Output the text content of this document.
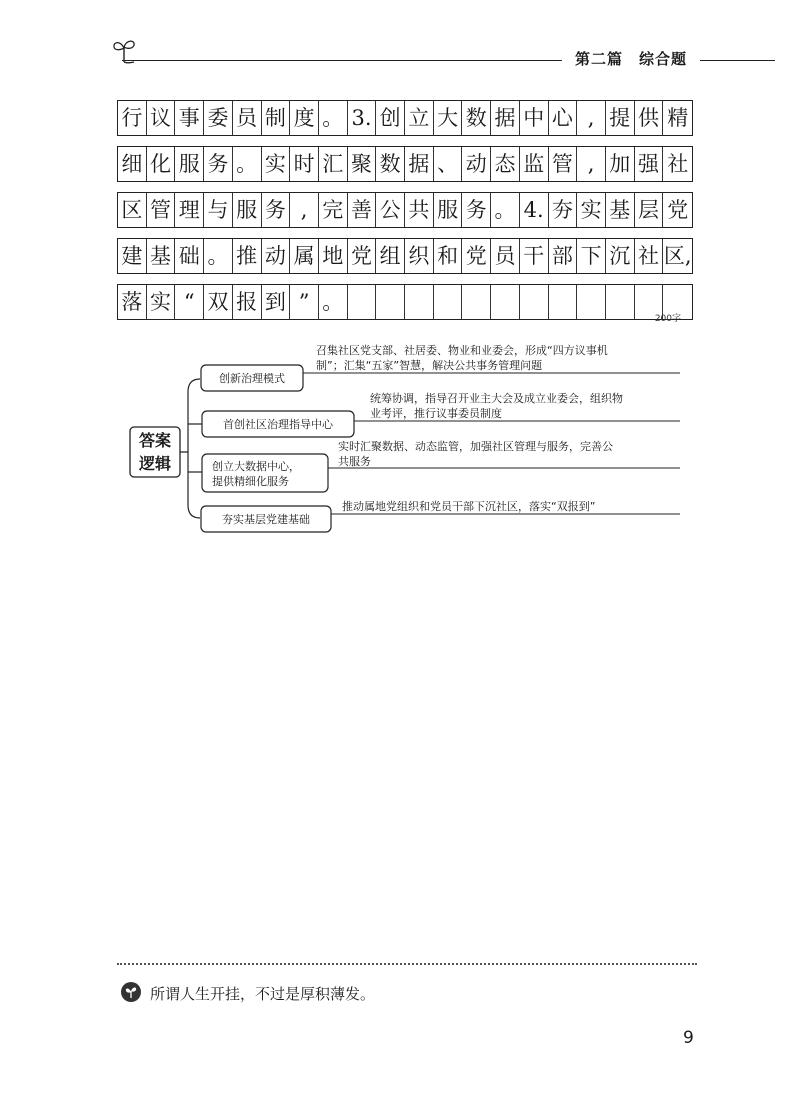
第二篇　综合题
行 议 事 委 员 制 度 。 3. 创 立 大 数 据 中 心 , 提 供 精
细 化 服 务 。 实 时 汇 聚 数 据 、 动 态 监 管 , 加 强 社
区 管 理 与 服 务 , 完 善 公 共 服 务 。 4. 夯 实 基 层 党
建 基 础 。 推 动 属 地 党 组 织 和 党 员 干 部 下 沉 社 区,
落 实 “ 双 报 到 ” 。
200字
答案
逻辑
创新治理模式
召集社区党支部、社居委、物业和业委会，形成“四方议事机
制”；汇集“五家”智慧，解决公共事务管理问题
首创社区治理指导中心
统筹协调，指导召开业主大会及成立业委会，组织物
业考评，推行议事委员制度
创立大数据中心，
提供精细化服务
实时汇聚数据、动态监管，加强社区管理与服务，完善公
共服务
夯实基层党建基础
推动属地党组织和党员干部下沉社区，落实“双报到”
所谓人生开挂，不过是厚积薄发。
9
